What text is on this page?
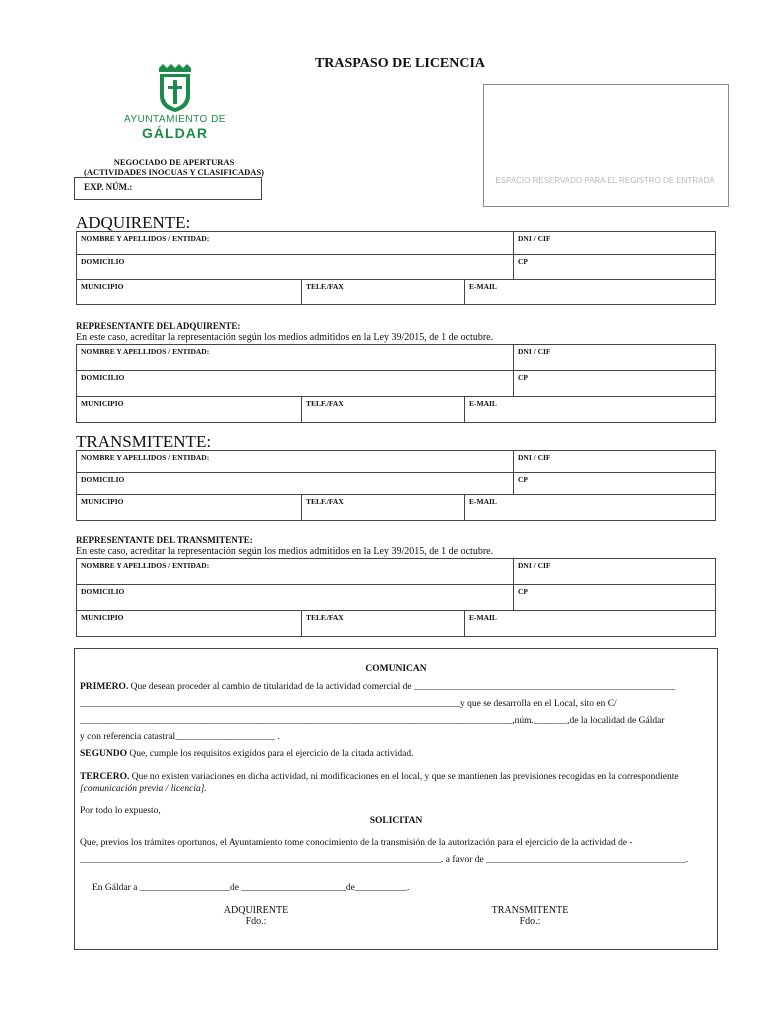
TRASPASO DE LICENCIA
AYUNTAMIENTO DE
GÁLDAR
NEGOCIADO DE APERTURAS
(ACTIVIDADES INOCUAS Y CLASIFICADAS)
EXP. NÚM.:
ESPACIO RESERVADO PARA EL REGISTRO DE ENTRADA
ADQUIRENTE:
NOMBRE Y APELLIDOS / ENTIDAD:			DNI / CIF
DOMICILIO			CP
MUNICIPIO	TELF./FAX	E-MAIL	
REPRESENTANTE DEL ADQUIRENTE:
En este caso, acreditar la representación según los medios admitidos en la Ley 39/2015, de 1 de octubre.
NOMBRE Y APELLIDOS / ENTIDAD:			DNI / CIF
DOMICILIO			CP
MUNICIPIO	TELF./FAX	E-MAIL	
TRANSMITENTE:
NOMBRE Y APELLIDOS / ENTIDAD:			DNI / CIF
DOMICILIO			CP
MUNICIPIO	TELF./FAX	E-MAIL	
REPRESENTANTE DEL TRANSMITENTE:
En este caso, acreditar la representación según los medios admitidos en la Ley 39/2015, de 1 de octubre.
NOMBRE Y APELLIDOS / ENTIDAD:			DNI / CIF
DOMICILIO			CP
MUNICIPIO	TELF./FAX	E-MAIL	
COMUNICAN
PRIMERO. Que desean proceder al cambio de titularidad de la actividad comercial de _______________________________________________________
________________________________________________________________________________y que se desarrolla en el Local, sito en C/
___________________________________________________________________________________________,núm._______,de la localidad de Gáldar
y con referencia catastral_____________________ .
SEGUNDO Que, cumple los requisitos exigidos para el ejercicio de la citada actividad.
TERCERO. Que no existen variaciones en dicha actividad, ni modificaciones en el local, y que se mantienen las previsiones recogidas en la correspondiente [comunicación previa / licencia].
Por todo lo expuesto,
SOLICITAN
Que, previos los trámites oportunos, el Ayuntamiento tome conocimiento de la transmisión de la autorización para el ejercicio de la actividad de -
____________________________________________________________________________. a favor de __________________________________________.
En Gáldar a ___________________de ______________________de___________.
ADQUIRENTE
Fdo.:
TRANSMITENTE
Fdo.:
